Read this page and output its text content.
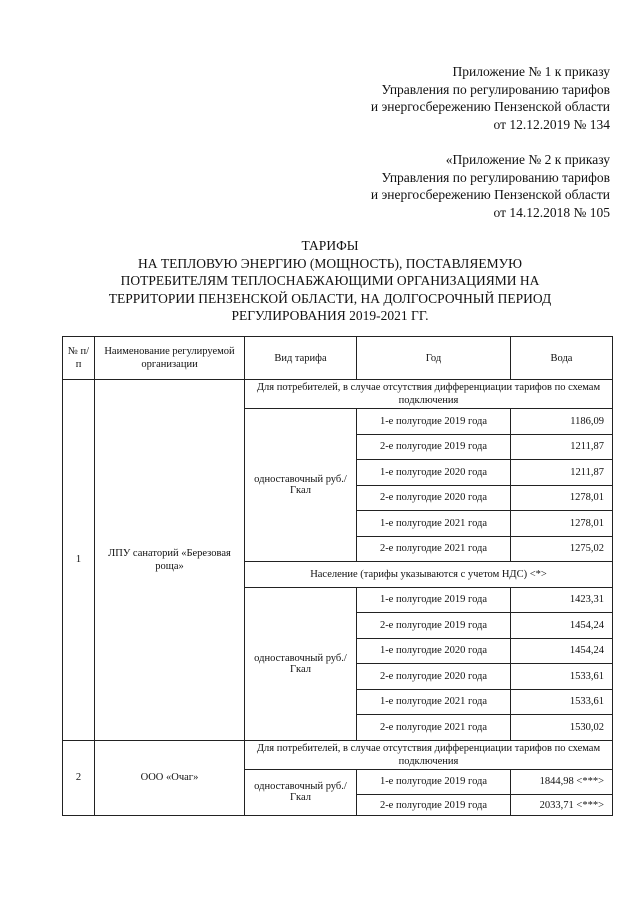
Приложение № 1 к приказу
Управления по регулированию тарифов
и энергосбережению Пензенской области
от 12.12.2019 № 134
«Приложение № 2 к приказу
Управления по регулированию тарифов
и энергосбережению Пензенской области
от 14.12.2018 № 105
ТАРИФЫ
НА ТЕПЛОВУЮ ЭНЕРГИЮ (МОЩНОСТЬ), ПОСТАВЛЯЕМУЮ
ПОТРЕБИТЕЛЯМ ТЕПЛОСНАБЖАЮЩИМИ ОРГАНИЗАЦИЯМИ НА
ТЕРРИТОРИИ ПЕНЗЕНСКОЙ ОБЛАСТИ, НА ДОЛГОСРОЧНЫЙ ПЕРИОД
РЕГУЛИРОВАНИЯ 2019-2021 ГГ.
№ п/п	Наименование регулируемой организации	Вид тарифа	Год	Вода
1	ЛПУ санаторий «Березовая роща»	Для потребителей, в случае отсутствия дифференциации тарифов по схемам подключения		
		одноставочный руб./Гкал	1-е полугодие 2019 года	1186,09
			2-е полугодие 2019 года	1211,87
			1-е полугодие 2020 года	1211,87
			2-е полугодие 2020 года	1278,01
			1-е полугодие 2021 года	1278,01
			2-е полугодие 2021 года	1275,02
		Население (тарифы указываются с учетом НДС) <*>		
		одноставочный руб./Гкал	1-е полугодие 2019 года	1423,31
			2-е полугодие 2019 года	1454,24
			1-е полугодие 2020 года	1454,24
			2-е полугодие 2020 года	1533,61
			1-е полугодие 2021 года	1533,61
			2-е полугодие 2021 года	1530,02
2	ООО «Очаг»	Для потребителей, в случае отсутствия дифференциации тарифов по схемам подключения		
		одноставочный руб./Гкал	1-е полугодие 2019 года	1844,98 <***>
			2-е полугодие 2019 года	2033,71 <***>
